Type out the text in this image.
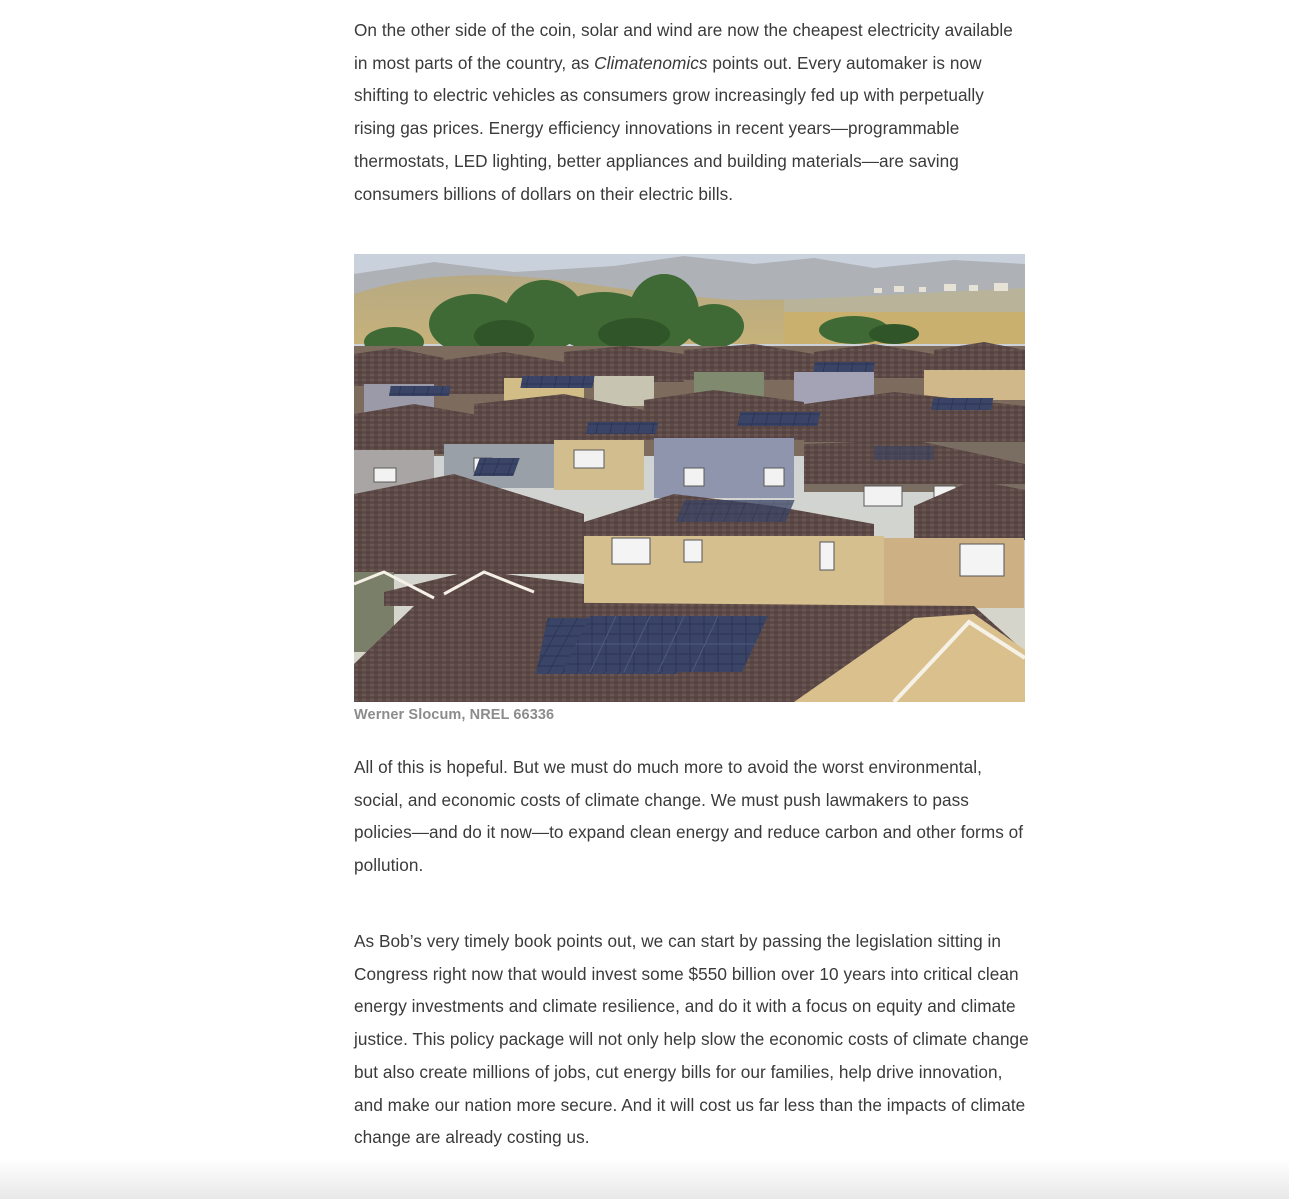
On the other side of the coin, solar and wind are now the cheapest electricity available in most parts of the country, as Climatenomics points out. Every automaker is now shifting to electric vehicles as consumers grow increasingly fed up with perpetually rising gas prices. Energy efficiency innovations in recent years—programmable thermostats, LED lighting, better appliances and building materials—are saving consumers billions of dollars on their electric bills.

Werner Slocum, NREL 66336

All of this is hopeful. But we must do much more to avoid the worst environmental, social, and economic costs of climate change. We must push lawmakers to pass policies—and do it now—to expand clean energy and reduce carbon and other forms of pollution.

As Bob’s very timely book points out, we can start by passing the legislation sitting in Congress right now that would invest some $550 billion over 10 years into critical clean energy investments and climate resilience, and do it with a focus on equity and climate justice. This policy package will not only help slow the economic costs of climate change but also create millions of jobs, cut energy bills for our families, help drive innovation, and make our nation more secure. And it will cost us far less than the impacts of climate change are already costing us.
